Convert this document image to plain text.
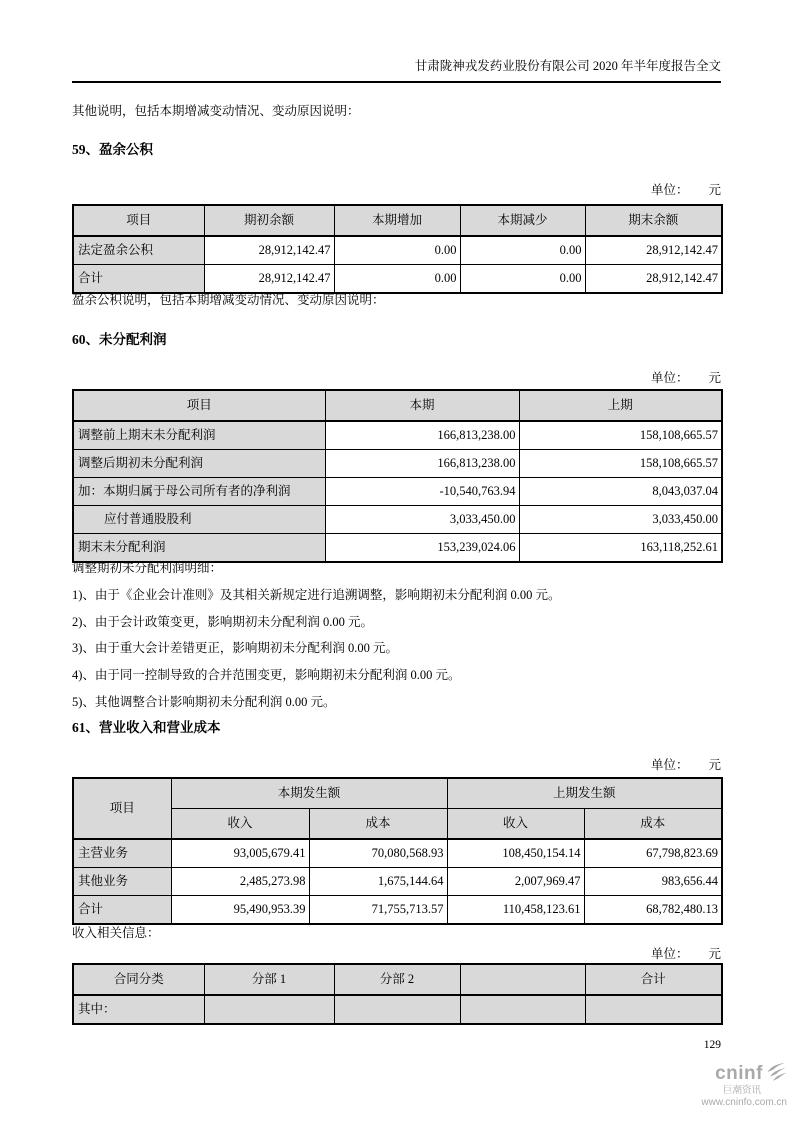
甘肃陇神戎发药业股份有限公司 2020 年半年度报告全文
其他说明，包括本期增减变动情况、变动原因说明：
59、盈余公积
单位： 元
项目	期初余额	本期增加	本期减少	期末余额
法定盈余公积	28,912,142.47	0.00	0.00	28,912,142.47
合计	28,912,142.47	0.00	0.00	28,912,142.47
盈余公积说明，包括本期增减变动情况、变动原因说明：
60、未分配利润
单位： 元
项目	本期	上期
调整前上期末未分配利润	166,813,238.00	158,108,665.57
调整后期初未分配利润	166,813,238.00	158,108,665.57
加：本期归属于母公司所有者的净利润	-10,540,763.94	8,043,037.04
应付普通股股利	3,033,450.00	3,033,450.00
期末未分配利润	153,239,024.06	163,118,252.61
调整期初未分配利润明细：
1)、由于《企业会计准则》及其相关新规定进行追溯调整，影响期初未分配利润 0.00 元。
2)、由于会计政策变更，影响期初未分配利润 0.00 元。
3)、由于重大会计差错更正，影响期初未分配利润 0.00 元。
4)、由于同一控制导致的合并范围变更，影响期初未分配利润 0.00 元。
5)、其他调整合计影响期初未分配利润 0.00 元。
61、营业收入和营业成本
单位： 元
项目	本期发生额		上期发生额	
	收入	成本	收入	成本
主营业务	93,005,679.41	70,080,568.93	108,450,154.14	67,798,823.69
其他业务	2,485,273.98	1,675,144.64	2,007,969.47	983,656.44
合计	95,490,953.39	71,755,713.57	110,458,123.61	68,782,480.13
收入相关信息：
单位： 元
合同分类	分部 1	分部 2		合计
其中：				
129
cninf
巨潮资讯
www.cninfo.com.cn
